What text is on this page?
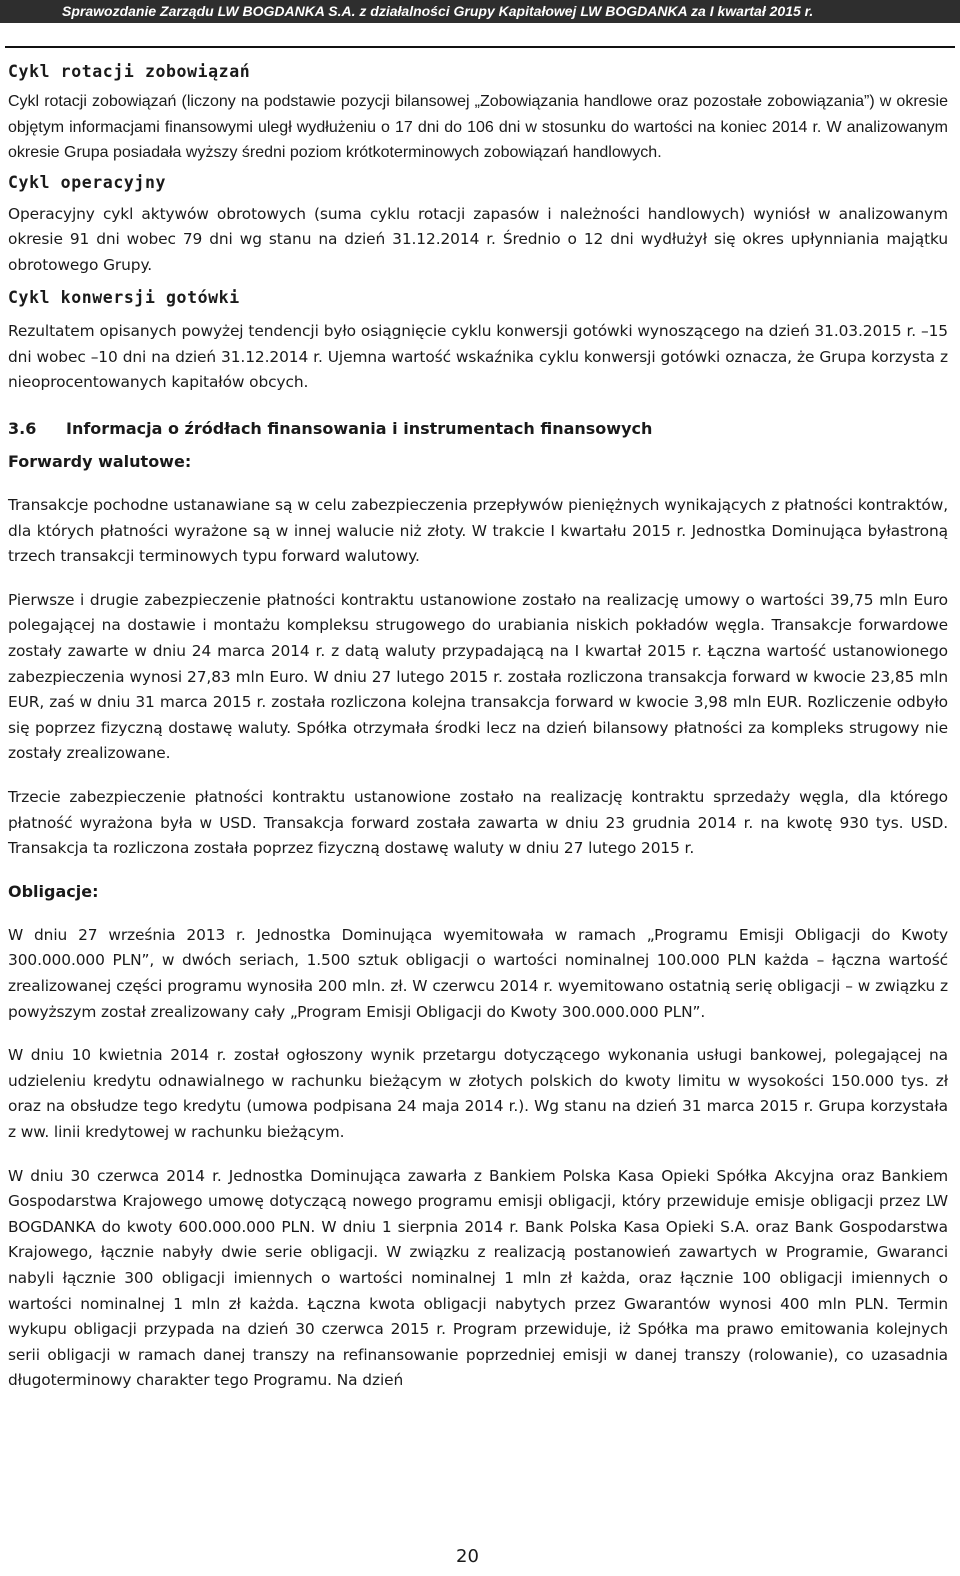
Sprawozdanie Zarządu LW BOGDANKA S.A. z działalności Grupy Kapitałowej LW BOGDANKA za I kwartał 2015 r.
Cykl rotacji zobowiązań

Cykl rotacji zobowiązań (liczony na podstawie pozycji bilansowej „Zobowiązania handlowe oraz pozostałe zobowiązania”) w okresie objętym informacjami finansowymi uległ wydłużeniu o 17 dni do 106 dni w stosunku do wartości na koniec 2014 r. W analizowanym okresie Grupa posiadała wyższy średni poziom krótkoterminowych zobowiązań handlowych.

Cykl operacyjny

Operacyjny cykl aktywów obrotowych (suma cyklu rotacji zapasów i należności handlowych) wyniósł w analizowanym okresie 91 dni wobec 79 dni wg stanu na dzień 31.12.2014 r. Średnio o 12 dni wydłużył się okres upłynniania majątku obrotowego Grupy.

Cykl konwersji gotówki

Rezultatem opisanych powyżej tendencji było osiągnięcie cyklu konwersji gotówki wynoszącego na dzień 31.03.2015 r. –15 dni wobec –10 dni na dzień 31.12.2014 r. Ujemna wartość wskaźnika cyklu konwersji gotówki oznacza, że Grupa korzysta z nieoprocentowanych kapitałów obcych.

3.6	Informacja o źródłach finansowania i instrumentach finansowych
Forwardy walutowe:

Transakcje pochodne ustanawiane są w celu zabezpieczenia przepływów pieniężnych wynikających z płatności kontraktów, dla których płatności wyrażone są w innej walucie niż złoty. W trakcie I kwartału 2015 r. Jednostka Dominująca byłastroną trzech transakcji terminowych typu forward walutowy.

Pierwsze i drugie zabezpieczenie płatności kontraktu ustanowione zostało na realizację umowy o wartości 39,75 mln Euro polegającej na dostawie i montażu kompleksu strugowego do urabiania niskich pokładów węgla. Transakcje forwardowe zostały zawarte w dniu 24 marca 2014 r. z datą waluty przypadającą na I kwartał 2015 r. Łączna wartość ustanowionego zabezpieczenia wynosi 27,83 mln Euro. W dniu 27 lutego 2015 r. została rozliczona transakcja forward w kwocie 23,85 mln EUR, zaś w dniu 31 marca 2015 r. została rozliczona kolejna transakcja forward w kwocie 3,98 mln EUR. Rozliczenie odbyło się poprzez fizyczną dostawę waluty. Spółka otrzymała środki lecz na dzień bilansowy płatności za kompleks strugowy nie zostały zrealizowane.

Trzecie zabezpieczenie płatności kontraktu ustanowione zostało na realizację kontraktu sprzedaży węgla, dla którego płatność wyrażona była w USD. Transakcja forward została zawarta w dniu 23 grudnia 2014 r. na kwotę 930 tys. USD. Transakcja ta rozliczona została poprzez fizyczną dostawę waluty w dniu 27 lutego 2015 r.

Obligacje:

W dniu 27 września 2013 r. Jednostka Dominująca wyemitowała w ramach „Programu Emisji Obligacji do Kwoty 300.000.000 PLN”, w dwóch seriach, 1.500 sztuk obligacji o wartości nominalnej 100.000 PLN każda – łączna wartość zrealizowanej części programu wynosiła 200 mln. zł. W czerwcu 2014 r. wyemitowano ostatnią serię obligacji – w związku z powyższym został zrealizowany cały „Program Emisji Obligacji do Kwoty 300.000.000 PLN”.

W dniu 10 kwietnia 2014 r. został ogłoszony wynik przetargu dotyczącego wykonania usługi bankowej, polegającej na udzieleniu kredytu odnawialnego w rachunku bieżącym w złotych polskich do kwoty limitu w wysokości 150.000 tys. zł oraz na obsłudze tego kredytu (umowa podpisana 24 maja 2014 r.). Wg stanu na dzień 31 marca 2015 r. Grupa korzystała z ww. linii kredytowej w rachunku bieżącym.

W dniu 30 czerwca 2014 r. Jednostka Dominująca zawarła z Bankiem Polska Kasa Opieki Spółka Akcyjna oraz Bankiem Gospodarstwa Krajowego umowę dotyczącą nowego programu emisji obligacji, który przewiduje emisje obligacji przez LW BOGDANKA do kwoty 600.000.000 PLN. W dniu 1 sierpnia 2014 r. Bank Polska Kasa Opieki S.A. oraz Bank Gospodarstwa Krajowego, łącznie nabyły dwie serie obligacji. W związku z realizacją postanowień zawartych w Programie, Gwaranci nabyli łącznie 300 obligacji imiennych o wartości nominalnej 1 mln zł każda, oraz łącznie 100 obligacji imiennych o wartości nominalnej 1 mln zł każda. Łączna kwota obligacji nabytych przez Gwarantów wynosi 400 mln PLN. Termin wykupu obligacji przypada na dzień 30 czerwca 2015 r. Program przewiduje, iż Spółka ma prawo emitowania kolejnych serii obligacji w ramach danej transzy na refinansowanie poprzedniej emisji w danej transzy (rolowanie), co uzasadnia długoterminowy charakter tego Programu. Na dzień

20
